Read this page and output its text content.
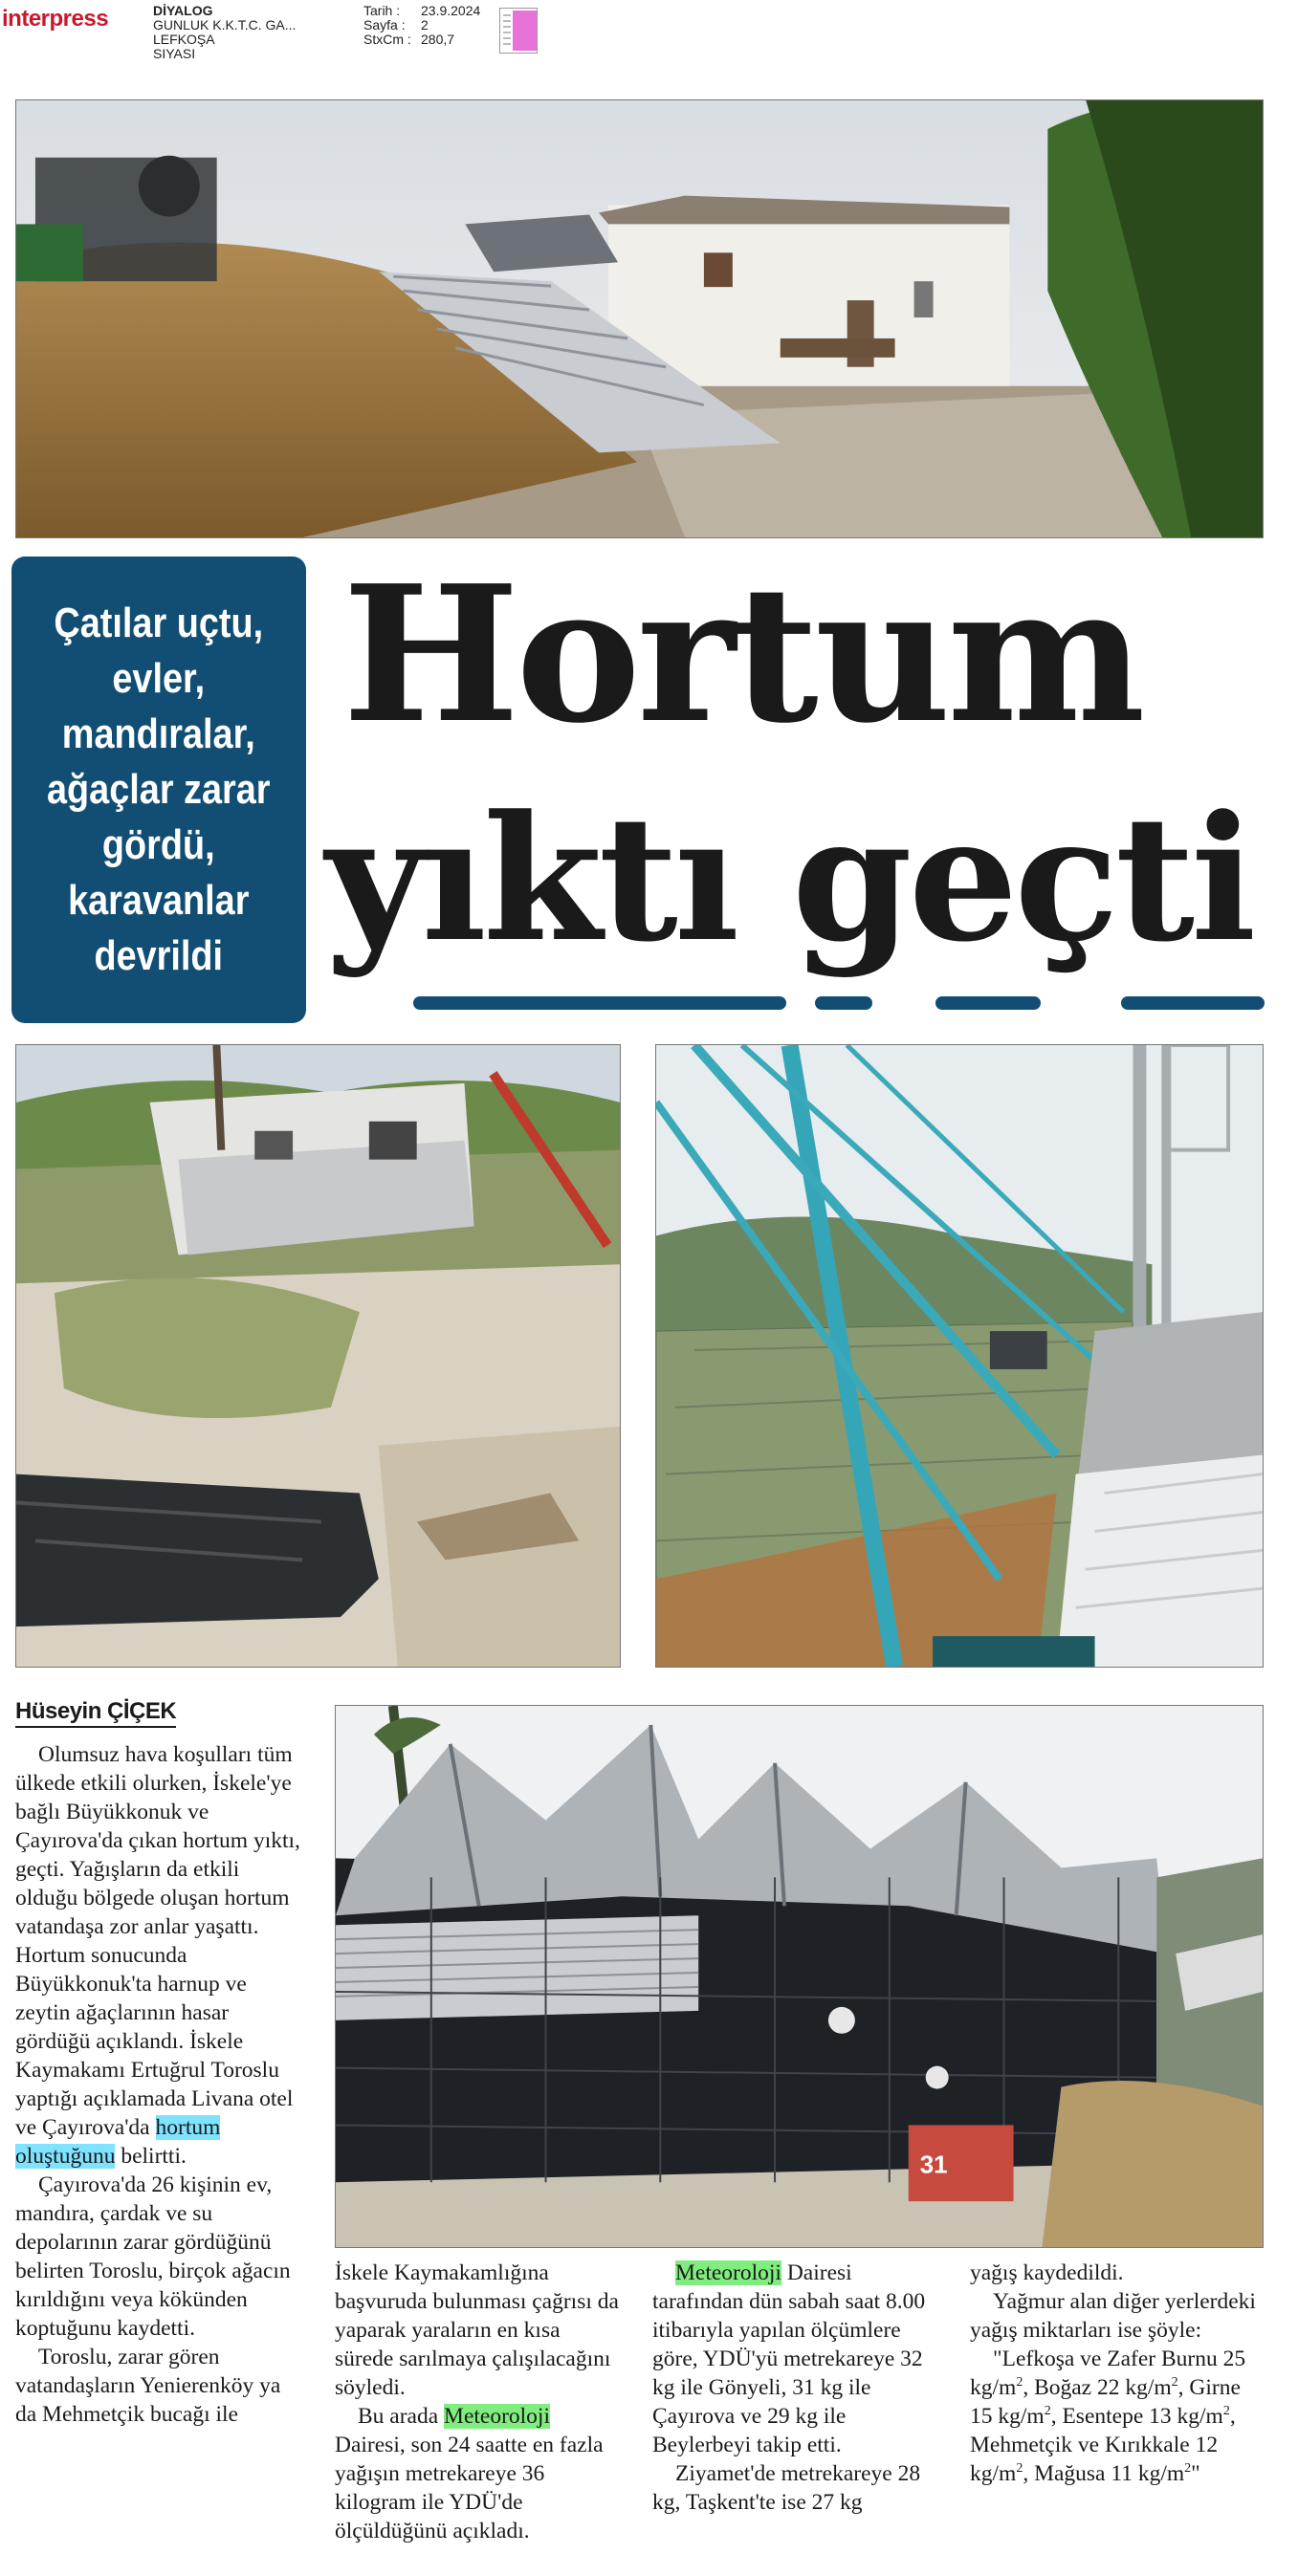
interpress	DİYALOG
GUNLUK K.K.T.C. GA...
LEFKOŞA
SIYASI
Tarih :	23.9.2024
Sayfa :	2
StxCm : 280,7
Çatılar uçtu,
evler,
mandıralar,
ağaçlar zarar
gördü,
karavanlar
devrildi
Hortum
yıktı geçti
Hüseyin ÇİÇEK
31

Olumsuz hava koşulları tüm ülkede etkili olurken, İskele'ye bağlı Büyükkonuk ve Çayırova'da çıkan hortum yıktı, geçti. Yağışların da etkili olduğu bölgede oluşan hortum vatandaşa zor anlar yaşattı. Hortum sonucunda Büyükkonuk'ta harnup ve zeytin ağaçlarının hasar gördüğü açıklandı. İskele Kaymakamı Ertuğrul Toroslu yaptığı açıklamada Livana otel ve Çayırova'da hortum oluştuğunu belirtti.

Çayırova'da 26 kişinin ev, mandıra, çardak ve su depolarının zarar gördüğünü belirten Toroslu, birçok ağacın kırıldığını veya kökünden koptuğunu kaydetti.

Toroslu, zarar gören vatandaşların Yenierenköy ya da Mehmetçik bucağı ile

İskele Kaymakamlığına başvuruda bulunması çağrısı da yaparak yaraların en kısa sürede sarılmaya çalışılacağını söyledi.

Bu arada Meteoroloji Dairesi, son 24 saatte en fazla yağışın metrekareye 36 kilogram ile YDÜ'de ölçüldüğünü açıkladı.

Meteoroloji Dairesi tarafından dün sabah saat 8.00 itibarıyla yapılan ölçümlere göre, YDÜ'yü metrekareye 32 kg ile Gönyeli, 31 kg ile Çayırova ve 29 kg ile Beylerbeyi takip etti.

Ziyamet'de metrekareye 28 kg, Taşkent'te ise 27 kg

yağış kaydedildi.

Yağmur alan diğer yerlerdeki yağış miktarları ise şöyle:

"Lefkoşa ve Zafer Burnu 25 $kg/m^2$, Boğaz 22 $kg/m^2$, Girne 15 $kg/m^2$, Esentepe 13 $kg/m^2$, Mehmetçik ve Kırıkkale 12 $kg/m^2$, Mağusa 11 $kg/m^2$"
